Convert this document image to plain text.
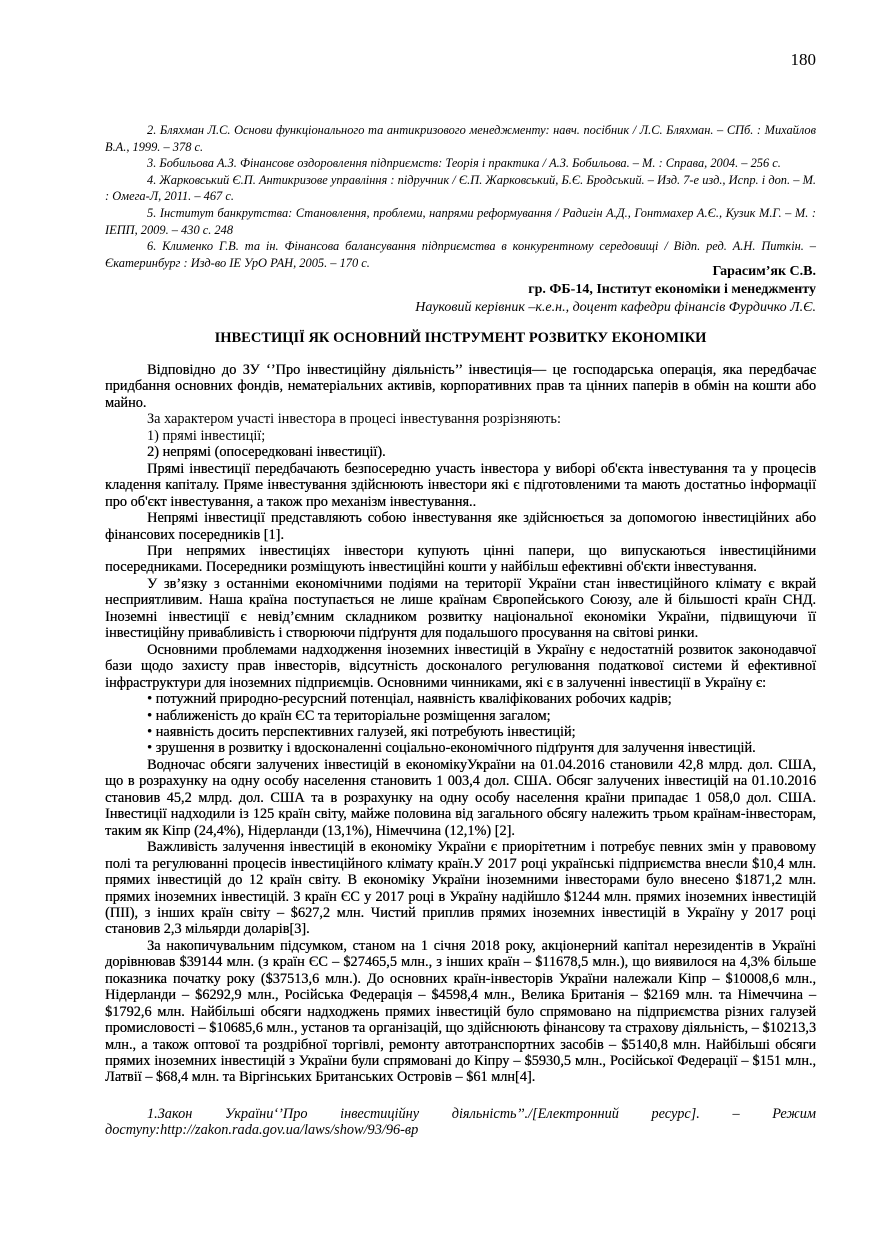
180

2. Бляхман Л.С. Основи функціонального та антикризового менеджменту: навч. посібник / Л.С. Бляхман. – СПб. : Михайлов В.А., 1999. – 378 с.

3. Бобильова А.З. Фінансове оздоровлення підприємств: Теорія і практика / А.З. Бобильова. – М. : Справа, 2004. – 256 с.

4. Жарковський Є.П. Антикризове управління : підручник / Є.П. Жарковський, Б.Є. Бродський. – Изд. 7-е изд., Испр. і доп. – М. : Омега-Л, 2011. – 467 с.

5. Інститут банкрутства: Становлення, проблеми, напрями реформування / Радигін А.Д., Гонтмахер А.Є., Кузик М.Г. – М. : ІЕПП, 2009. – 430 с. 248

6. Клименко Г.В. та ін. Фінансова балансування підприємства в конкурентному середовищі / Відп. ред. А.Н. Питкін. – Єкатеринбург : Изд-во ІЕ УрО РАН, 2005. – 170 с.

Гарасим’як С.В.
гр. ФБ-14, Інститут економіки і менеджменту
Науковий керівник –к.е.н., доцент кафедри фінансів Фурдичко Л.Є.
ІНВЕСТИЦІЇ ЯК ОСНОВНИЙ ІНСТРУМЕНТ РОЗВИТКУ ЕКОНОМІКИ

Відповідно до ЗУ ‘’Про інвестиційну діяльність’’ інвестиція— це господарська операція, яка передбачає придбання основних фондів, нематеріальних активів, корпоративних прав та цінних паперів в обмін на кошти або майно.

За характером участі інвестора в процесі інвестування розрізняють:

1) прямі інвестиції;

2) непрямі (опосередковані інвестиції).

Прямі інвестиції передбачають безпосередню участь інвестора у виборі об'єкта інвестування та у процесів кладення капіталу. Пряме інвестування здійснюють інвестори які є підготовленими та мають достатньо інформації про об'єкт інвестування, а також про механізм інвестування..

Непрямі інвестиції представляють собою інвестування яке здійснюється за допомогою інвестиційних або фінансових посередників [1].

При непрямих інвестиціях інвестори купують цінні папери, що випускаються інвестиційними посередниками. Посередники розміщують інвестиційні кошти у найбільш ефективні об'єкти інвестування.

У зв’язку з останніми економічними подіями на території України стан інвестиційного клімату є вкрай несприятливим. Наша країна поступається не лише країнам Європейського Союзу, але й більшості країн СНД. Іноземні інвестиції є невід’ємним складником розвитку національної економіки України, підвищуючи її інвестиційну привабливість і створюючи підґрунтя для подальшого просування на світові ринки.

Основними проблемами надходження іноземних інвестицій в Україну є недостатній розвиток законодавчої бази щодо захисту прав інвесторів, відсутність досконалого регулювання податкової системи й ефективної інфраструктури для іноземних підприємців. Основними чинниками, які є в залученні інвестиції в Україну є:

• потужний природно-ресурсний потенціал, наявність кваліфікованих робочих кадрів;

• наближеність до країн ЄС та територіальне розміщення загалом;

• наявність досить перспективних галузей, які потребують інвестицій;

• зрушення в розвитку і вдосконаленні соціально-економічного підґрунтя для залучення інвестицій.

Водночас обсяги залучених інвестицій в економікуУкраїни на 01.04.2016 становили 42,8 млрд. дол. США, що в розрахунку на одну особу населення становить 1 003,4 дол. США. Обсяг залучених інвестицій на 01.10.2016 становив 45,2 млрд. дол. США та в розрахунку на одну особу населення країни припадає 1 058,0 дол. США. Інвестиції надходили із 125 країн світу, майже половина від загального обсягу належить трьом країнам-інвесторам, таким як Кіпр (24,4%), Нідерланди (13,1%), Німеччина (12,1%) [2].

Важливість залучення інвестицій в економіку України є приорітетним і потребує певних змін у правовому полі та регулюванні процесів інвестиційного клімату країн.У 2017 році українські підприємства внесли $10,4 млн. прямих інвестицій до 12 країн світу. В економіку України іноземними інвесторами було внесено $1871,2 млн. прямих іноземних інвестицій. З країн ЄС у 2017 році в Україну надійшло $1244 млн. прямих іноземних інвестицій (ПІІ), з інших країн світу – $627,2 млн. Чистий приплив прямих іноземних інвестицій в Україну у 2017 році становив 2,3 мільярди доларів[3].

За накопичувальним підсумком, станом на 1 січня 2018 року, акціонерний капітал нерезидентів в Україні дорівнював $39144 млн. (з країн ЄС – $27465,5 млн., з інших країн – $11678,5 млн.), що виявилося на 4,3% більше показника початку року ($37513,6 млн.). До основних країн-інвесторів України належали Кіпр – $10008,6 млн., Нідерланди – $6292,9 млн., Російська Федерація – $4598,4 млн., Велика Британія – $2169 млн. та Німеччина – $1792,6 млн. Найбільші обсяги надходжень прямих інвестицій було спрямовано на підприємства різних галузей промисловості – $10685,6 млн., установ та організацій, що здійснюють фінансову та страхову діяльність, – $10213,3 млн., а також оптової та роздрібної торгівлі, ремонту автотранспортних засобів – $5140,8 млн. Найбільші обсяги прямих іноземних інвестицій з України були спрямовані до Кіпру – $5930,5 млн., Російської Федерації – $151 млн., Латвії – $68,4 млн. та Віргінських Британських Островів – $61 млн[4].

1.Закон України‘’Про інвестиційну діяльність’’./[Електронний ресурс]. – Режим доступу:http://zakon.rada.gov.ua/laws/show/93/96-вр
